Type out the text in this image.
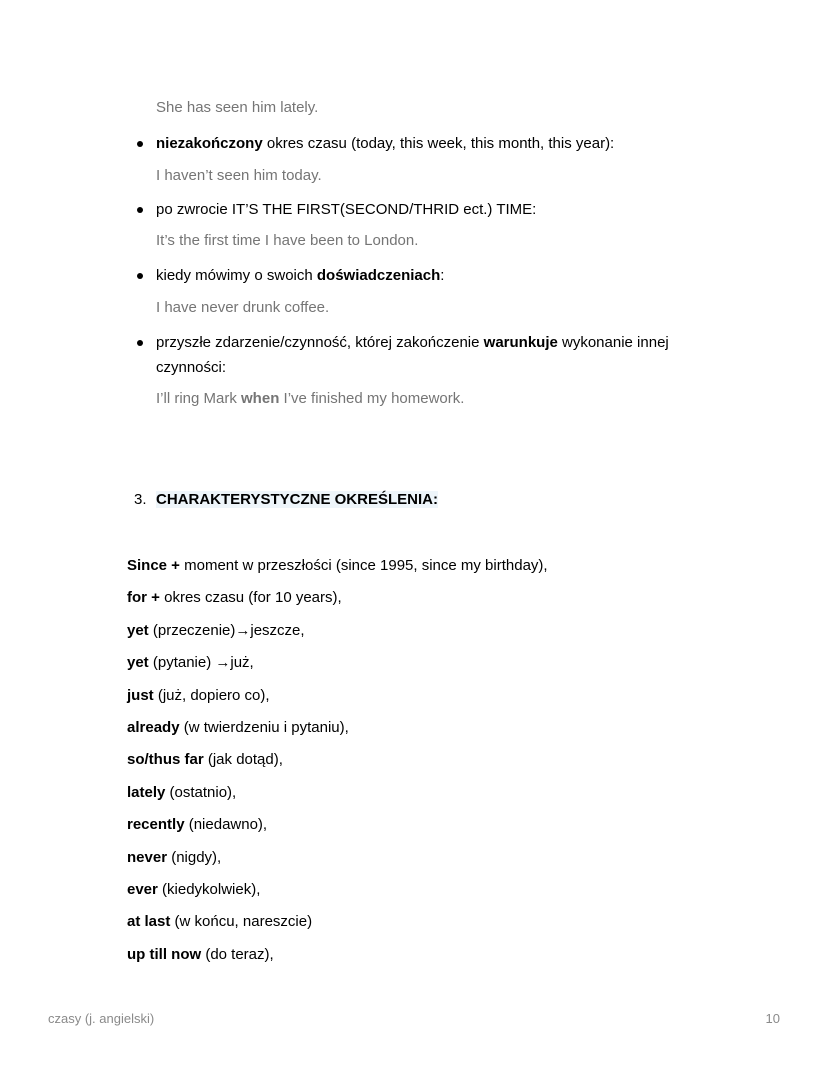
She has seen him lately.
niezakończony okres czasu (today, this week, this month, this year):
I haven’t seen him today.
po zwrocie IT’S THE FIRST(SECOND/THRID ect.) TIME:
It’s the first time I have been to London.
kiedy mówimy o swoich doświadczeniach:
I have never drunk coffee.
przyszłe zdarzenie/czynność, której zakończenie warunkuje wykonanie innej czynności:
I’ll ring Mark when I’ve finished my homework.
3. CHARAKTERYSTYCZNE OKREŚLENIA:
Since + moment w przeszłości (since 1995, since my birthday),
for + okres czasu (for 10 years),
yet (przeczenie)→jeszcze,
yet (pytanie) →już,
just (już, dopiero co),
already (w twierdzeniu i pytaniu),
so/thus far (jak dotąd),
lately (ostatnio),
recently (niedawno),
never (nigdy),
ever (kiedykolwiek),
at last (w końcu, nareszcie)
up till now (do teraz),
czasy (j. angielski)	10
